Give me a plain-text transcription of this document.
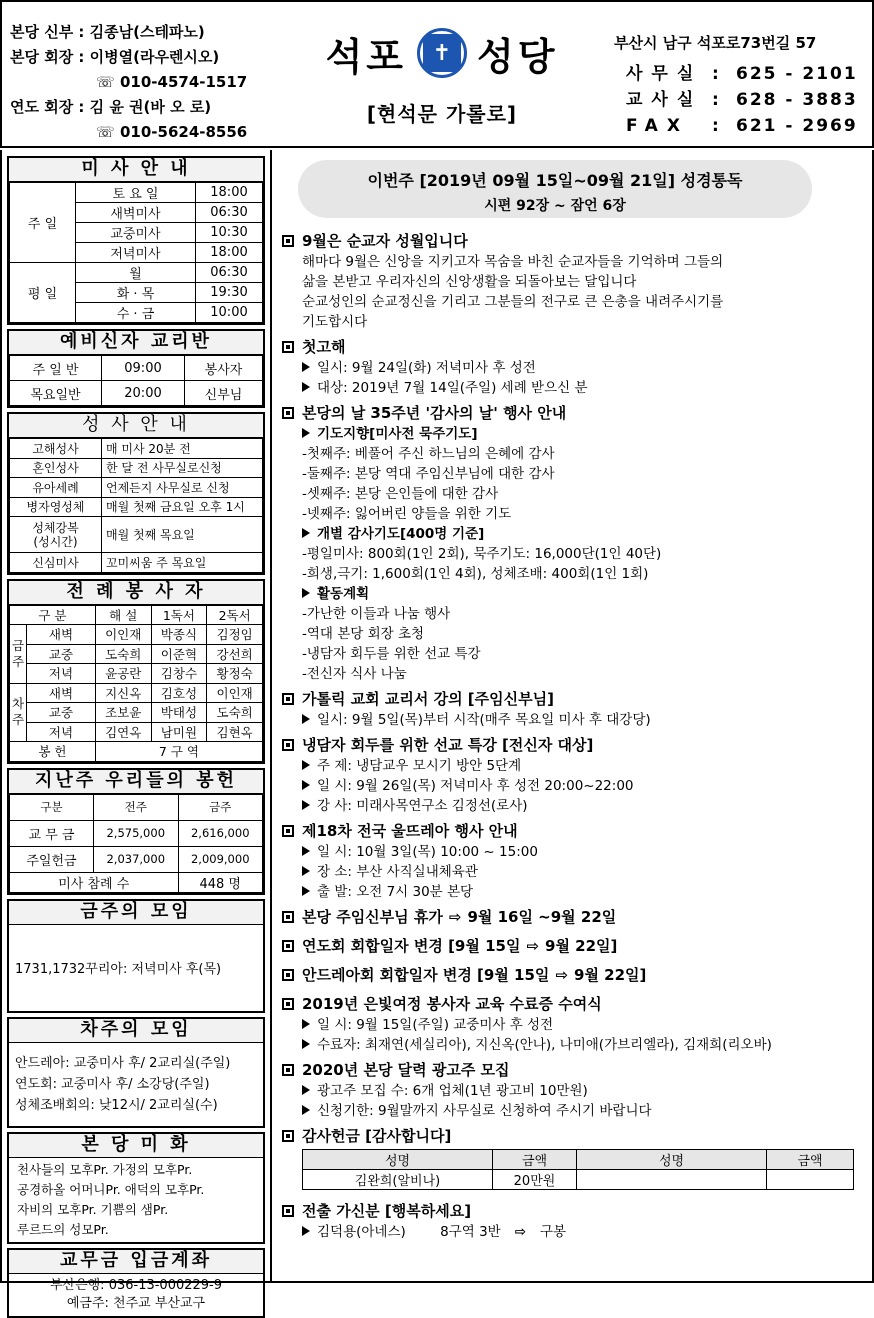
본당 신부 : 김종남(스테파노)
본당 회장 : 이병열(라우렌시오)
☏ 010-4574-1517
연도 회장 : 김 윤 권(바 오 로)
☏ 010-5624-8556
석포	✝ 성당
[현석문 가롤로]
부산시 남구 석포로73번길 57
사무실 : 625 - 2101
교사실 : 628 - 3883
FAX	: 621 - 2969
미 사 안 내
주 일	토 요 일	18:00
	새벽미사	06:30
	교중미사	10:30
	저녁미사	18:00
평 일	월	06:30
	화 · 목	19:30
	수 · 금	10:00
예비신자 교리반
주 일 반	09:00	봉사자
목요일반	20:00	신부님
성 사 안 내
고해성사	매 미사 20분 전
혼인성사	한 달 전 사무실로신청
유아세례	언제든지 사무실로 신청
병자영성체	매월 첫째 금요일 오후 1시
성체강복
(성시간)	매월 첫째 목요일
신심미사	꼬미씨움 주 목요일
전 례 봉 사 자
구 분		해 설	1독서	2독서
금주	새벽	이인재	박종식	김정임
	교중	도숙희	이준혁	강선희
	저녁	윤공란	김창수	황정숙
차주	새벽	지신옥	김호성	이인재
	교중	조보윤	박태성	도숙희
	저녁	김연옥	남미원	김현옥
봉 헌		7 구 역		
지난주 우리들의 봉헌
구분	전주	금주
교 무 금	2,575,000	2,616,000
주일헌금	2,037,000	2,009,000
미사 참례 수		448 명
금주의 모임
1731,1732꾸리아: 저녁미사 후(목)
차주의 모임
안드레아: 교중미사 후/ 2교리실(주일)
연도회: 교중미사 후/ 소강당(주일)
성체조배회의: 낮12시/ 2교리실(수)
본 당 미 화
천사들의 모후Pr. 가정의 모후Pr.
공경하올 어머니Pr. 애덕의 모후Pr.
자비의 모후Pr. 기쁨의 샘Pr.
루르드의 성모Pr.
교무금 입금계좌
부산은행: 036-13-000229-9
예금주: 천주교 부산교구
이번주 [2019년 09월 15일~09월 21일] 성경통독
시편 92장 ~ 잠언 6장
9월은 순교자 성월입니다
해마다 9월은 신앙을 지키고자 목숨을 바친 순교자들을 기억하며 그들의
삶을 본받고 우리자신의 신앙생활을 되돌아보는 달입니다
순교성인의 순교정신을 기리고 그분들의 전구로 큰 은총을 내려주시기를
기도합시다
첫고해
일시: 9월 24일(화) 저녁미사 후 성전
대상: 2019년 7월 14일(주일) 세례 받으신 분
본당의 날 35주년 '감사의 날' 행사 안내
기도지향[미사전 묵주기도]
-첫째주: 베풀어 주신 하느님의 은혜에 감사
-둘째주: 본당 역대 주임신부님에 대한 감사
-셋째주: 본당 은인들에 대한 감사
-넷째주: 잃어버린 양들을 위한 기도
개별 감사기도[400명 기준]
-평일미사: 800회(1인 2회), 묵주기도: 16,000단(1인 40단)
-희생,극기: 1,600회(1인 4회), 성체조배: 400회(1인 1회)
활동계획
-가난한 이들과 나눔 행사
-역대 본당 회장 초청
-냉담자 회두를 위한 선교 특강
-전신자 식사 나눔
가톨릭 교회 교리서 강의 [주임신부님]
일시: 9월 5일(목)부터 시작(매주 목요일 미사 후 대강당)
냉담자 회두를 위한 선교 특강 [전신자 대상]
주 제: 냉담교우 모시기 방안 5단계
일 시: 9월 26일(목) 저녁미사 후 성전 20:00~22:00
강 사: 미래사목연구소 김정선(로사)
제18차 전국 울뜨레아 행사 안내
일 시: 10월 3일(목) 10:00 ~ 15:00
장 소: 부산 사직실내체육관
출 발: 오전 7시 30분 본당
본당 주임신부님 휴가 ⇨ 9월 16일 ~9월 22일
연도회 회합일자 변경 [9월 15일 ⇨ 9월 22일]
안드레아회 회합일자 변경 [9월 15일 ⇨ 9월 22일]
2019년 은빛여정 봉사자 교육 수료증 수여식
일 시: 9월 15일(주일) 교중미사 후 성전
수료자: 최재연(세실리아), 지신옥(안나), 나미애(가브리엘라), 김재희(리오바)
2020년 본당 달력 광고주 모집
광고주 모집 수: 6개 업체(1년 광고비 10만원)
신청기한: 9월말까지 사무실로 신청하여 주시기 바랍니다
감사헌금 [감사합니다]
성명	금액	성명	금액
김완희(알비나)	20만원		
전출 가신분 [행복하세요]
김덕용(아네스)        8구역 3반 ⇨ 구봉
